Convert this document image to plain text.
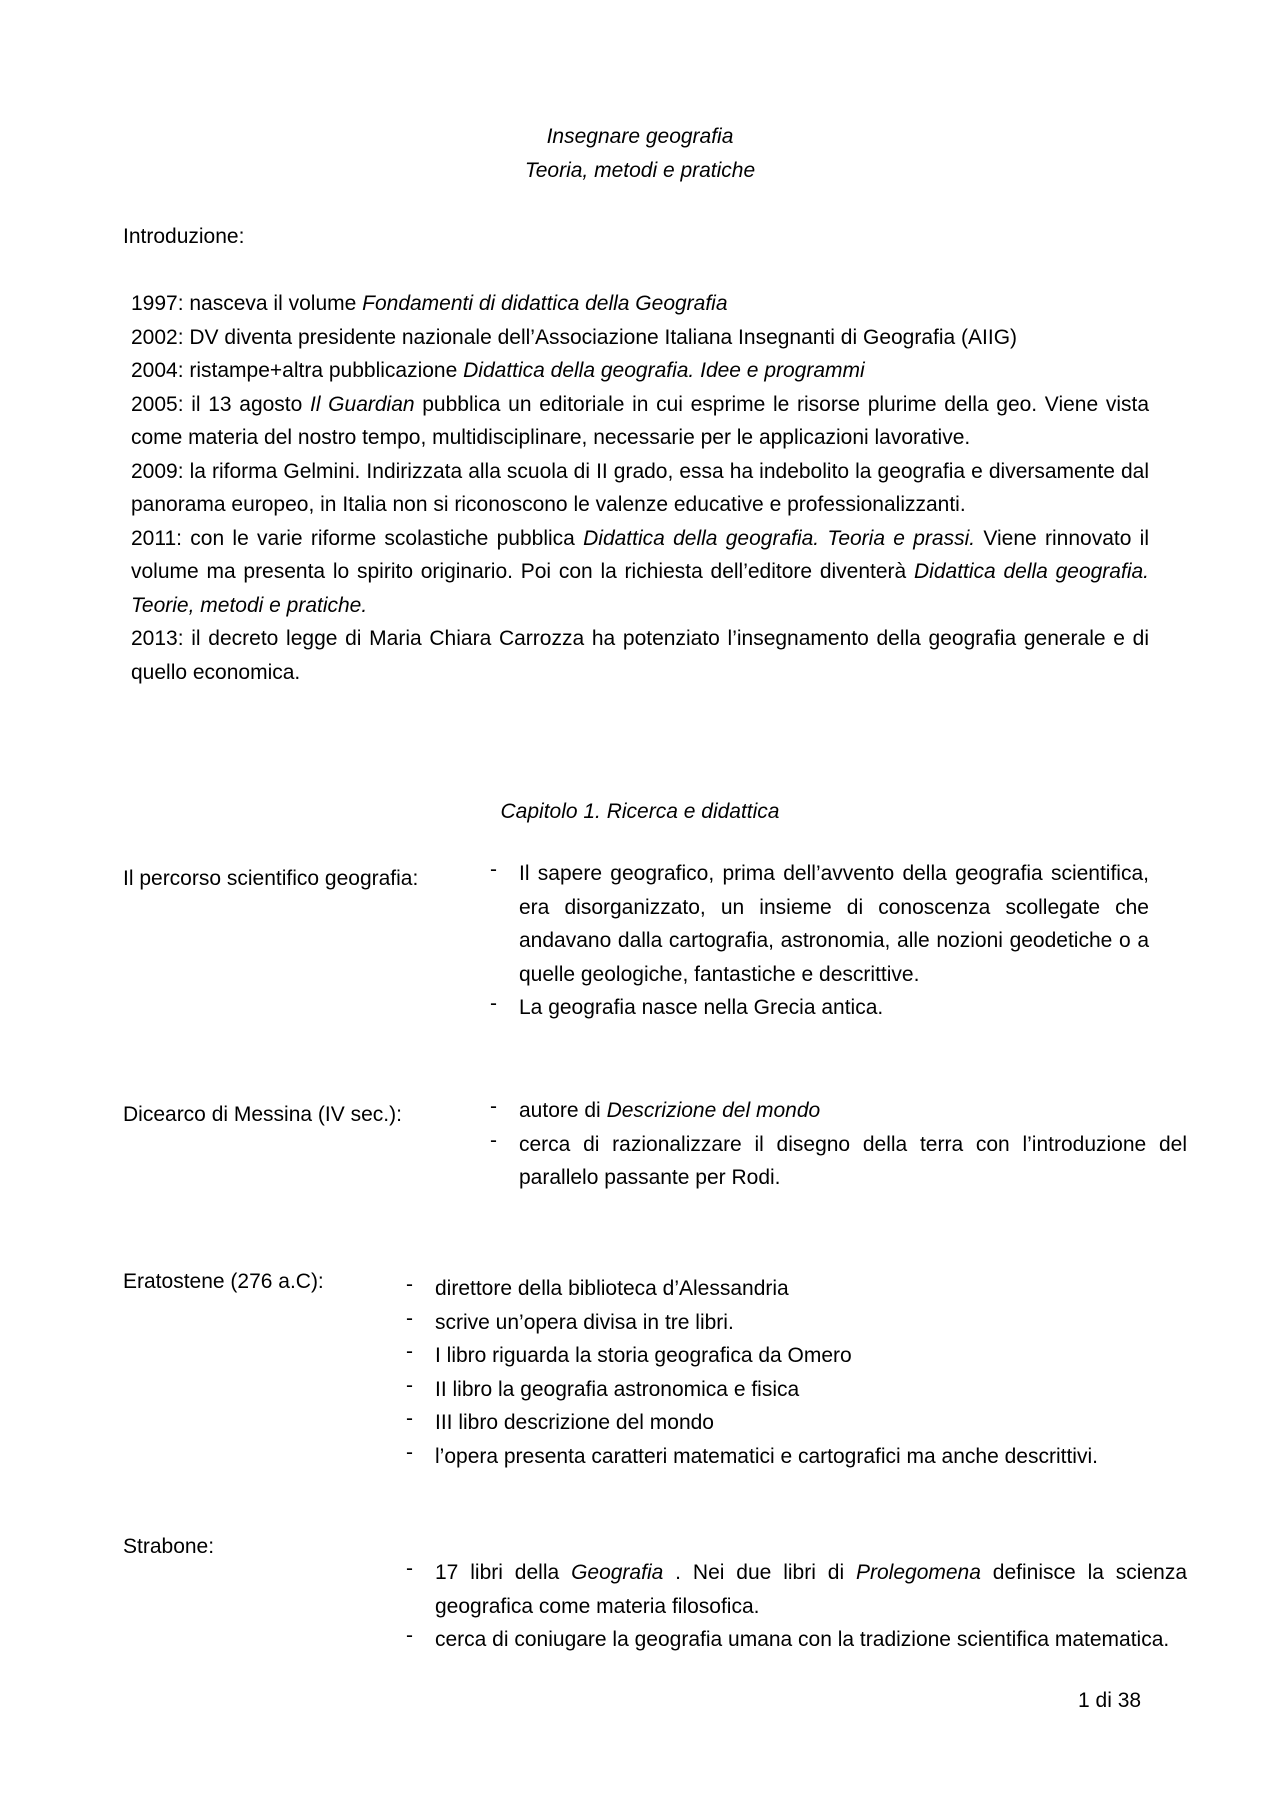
Insegnare geografia
Teoria, metodi e pratiche
Introduzione:

1997: nasceva il volume Fondamenti di didattica della Geografia

2002: DV diventa presidente nazionale dell’Associazione Italiana Insegnanti di Geografia (AIIG)

2004: ristampe+altra pubblicazione Didattica della geografia. Idee e programmi

2005: il 13 agosto Il Guardian pubblica un editoriale in cui esprime le risorse plurime della geo. Viene vista come materia del nostro tempo, multidisciplinare, necessarie per le applicazioni lavorative.

2009: la riforma Gelmini. Indirizzata alla scuola di II grado, essa ha indebolito la geografia e diversamente dal panorama europeo, in Italia non si riconoscono le valenze educative e professionalizzanti.

2011: con le varie riforme scolastiche pubblica Didattica della geografia. Teoria e prassi. Viene rinnovato il volume ma presenta lo spirito originario. Poi con la richiesta dell’editore diventerà Didattica della geografia. Teorie, metodi e pratiche.

2013: il decreto legge di Maria Chiara Carrozza ha potenziato l’insegnamento della geografia generale e di quello economica.

Capitolo 1. Ricerca e didattica
Il percorso scientifico geografia:	- Il sapere geografico, prima dell’avvento della geografia scientifica, era disorganizzato, un insieme di conoscenza scollegate che andavano dalla cartografia, astronomia, alle nozioni geodetiche o a quelle geologiche, fantastiche e descrittive.
- La geografia nasce nella Grecia antica.
Dicearco di Messina (IV sec.):	- autore di Descrizione del mondo
- cerca di razionalizzare il disegno della terra con l’introduzione del parallelo passante per Rodi.
Eratostene (276 a.C):	- direttore della biblioteca d’Alessandria
- scrive un’opera divisa in tre libri.
- I libro riguarda la storia geografica da Omero
- II libro la geografia astronomica e fisica
- III libro descrizione del mondo
- l’opera presenta caratteri matematici e cartografici ma anche descrittivi.
Strabone:
- 17 libri della Geografia . Nei due libri di Prolegomena definisce la scienza geografica come materia filosofica.
- cerca di coniugare la geografia umana con la tradizione scientifica matematica.
1 di 38
